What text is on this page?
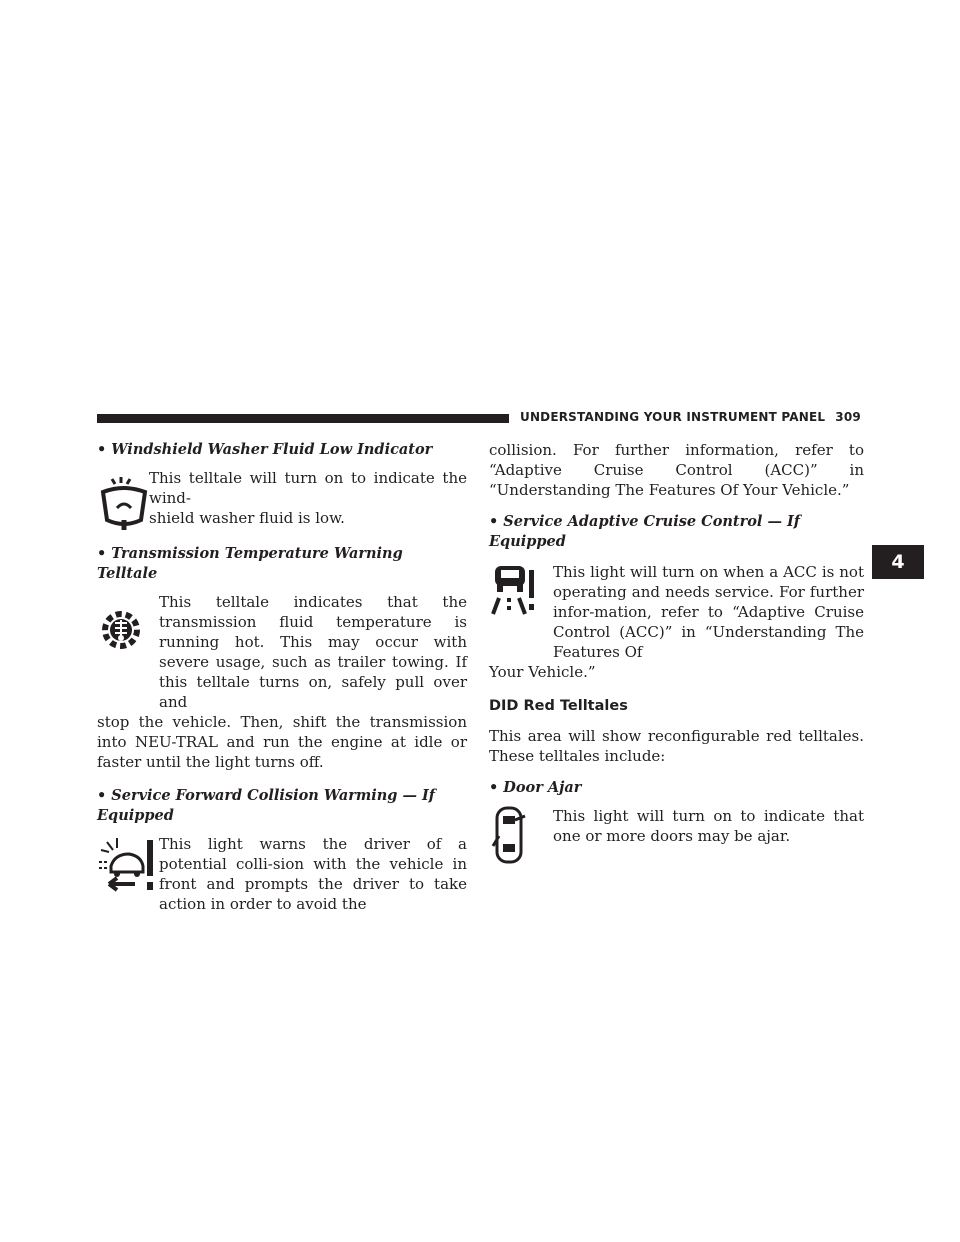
UNDERSTANDING YOUR INSTRUMENT PANEL 309
4

• Windshield Washer Fluid Low Indicator

This telltale will turn on to indicate the wind-
shield washer fluid is low.

• Transmission Temperature Warning Telltale

This telltale indicates that the transmission fluid temperature is running hot. This may occur with severe usage, such as trailer towing. If this telltale turns on, safely pull over and

stop the vehicle. Then, shift the transmission into NEU-TRAL and run the engine at idle or faster until the light turns off.

• Service Forward Collision Warming — If Equipped

This light warns the driver of a potential colli-sion with the vehicle in front and prompts the driver to take action in order to avoid the

collision. For further information, refer to “Adaptive Cruise Control (ACC)” in “Understanding The Features Of Your Vehicle.”

• Service Adaptive Cruise Control — If Equipped

This light will turn on when a ACC is not operating and needs service. For further infor-mation, refer to “Adaptive Cruise Control (ACC)” in “Understanding The Features Of

Your Vehicle.”

DID Red Telltales

This area will show reconfigurable red telltales. These telltales include:

• Door Ajar

This light will turn on to indicate that one or more doors may be ajar.
